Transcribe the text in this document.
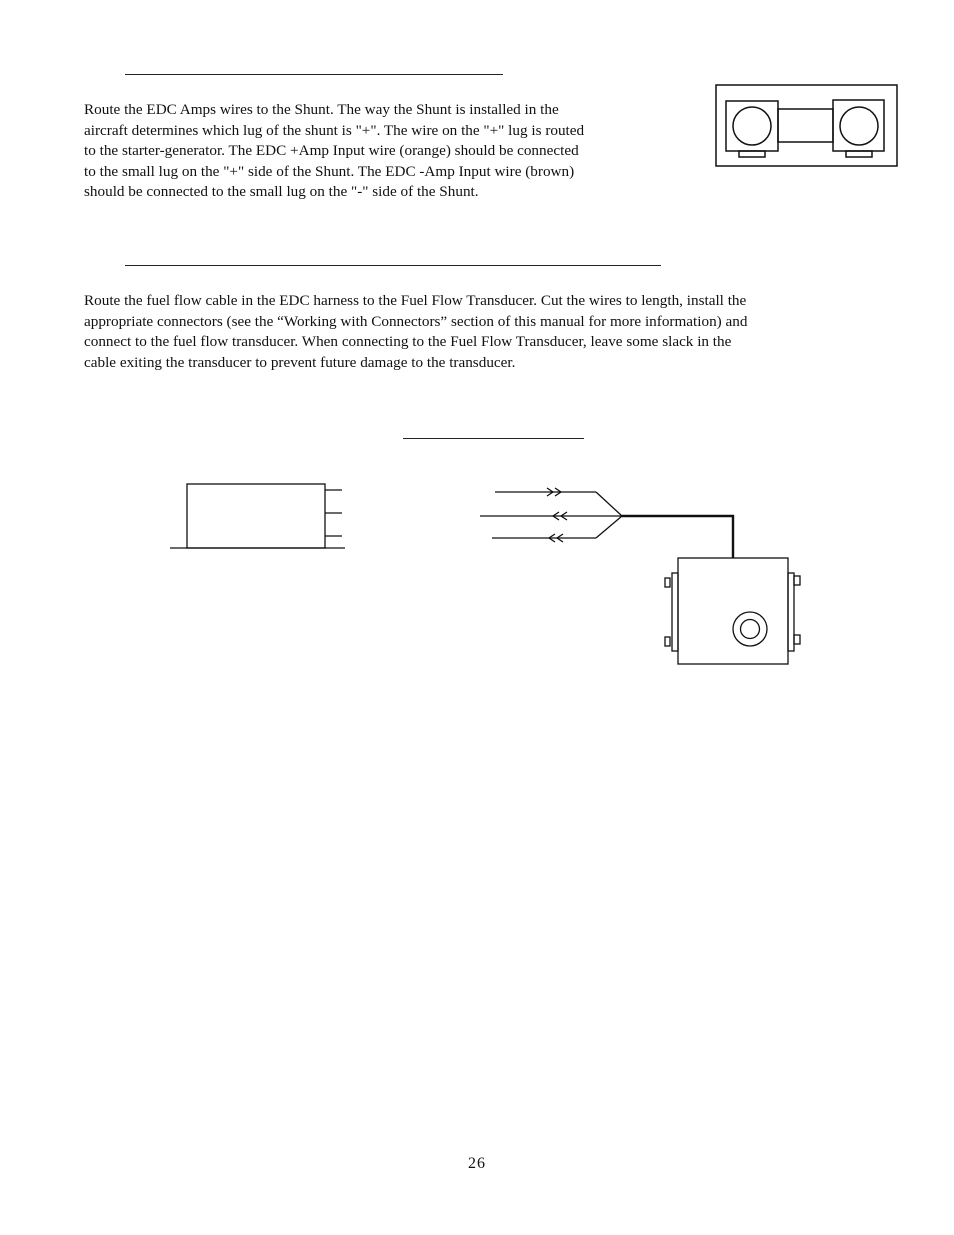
Route the EDC Amps wires to the Shunt. The way the Shunt is installed in the
aircraft determines which lug of the shunt is "+". The wire on the "+" lug is routed
to the starter-generator. The EDC +Amp Input wire (orange) should be connected
to the small lug on the "+" side of the Shunt. The EDC -Amp Input wire (brown)
should be connected to the small lug on the "-" side of the Shunt.

Route the fuel flow cable in the EDC harness to the Fuel Flow Transducer. Cut the wires to length, install the
appropriate connectors (see the “Working with Connectors” section of this manual for more information) and
connect to the fuel flow transducer. When connecting to the Fuel Flow Transducer, leave some slack in the
cable exiting the transducer to prevent future damage to the transducer.

26
